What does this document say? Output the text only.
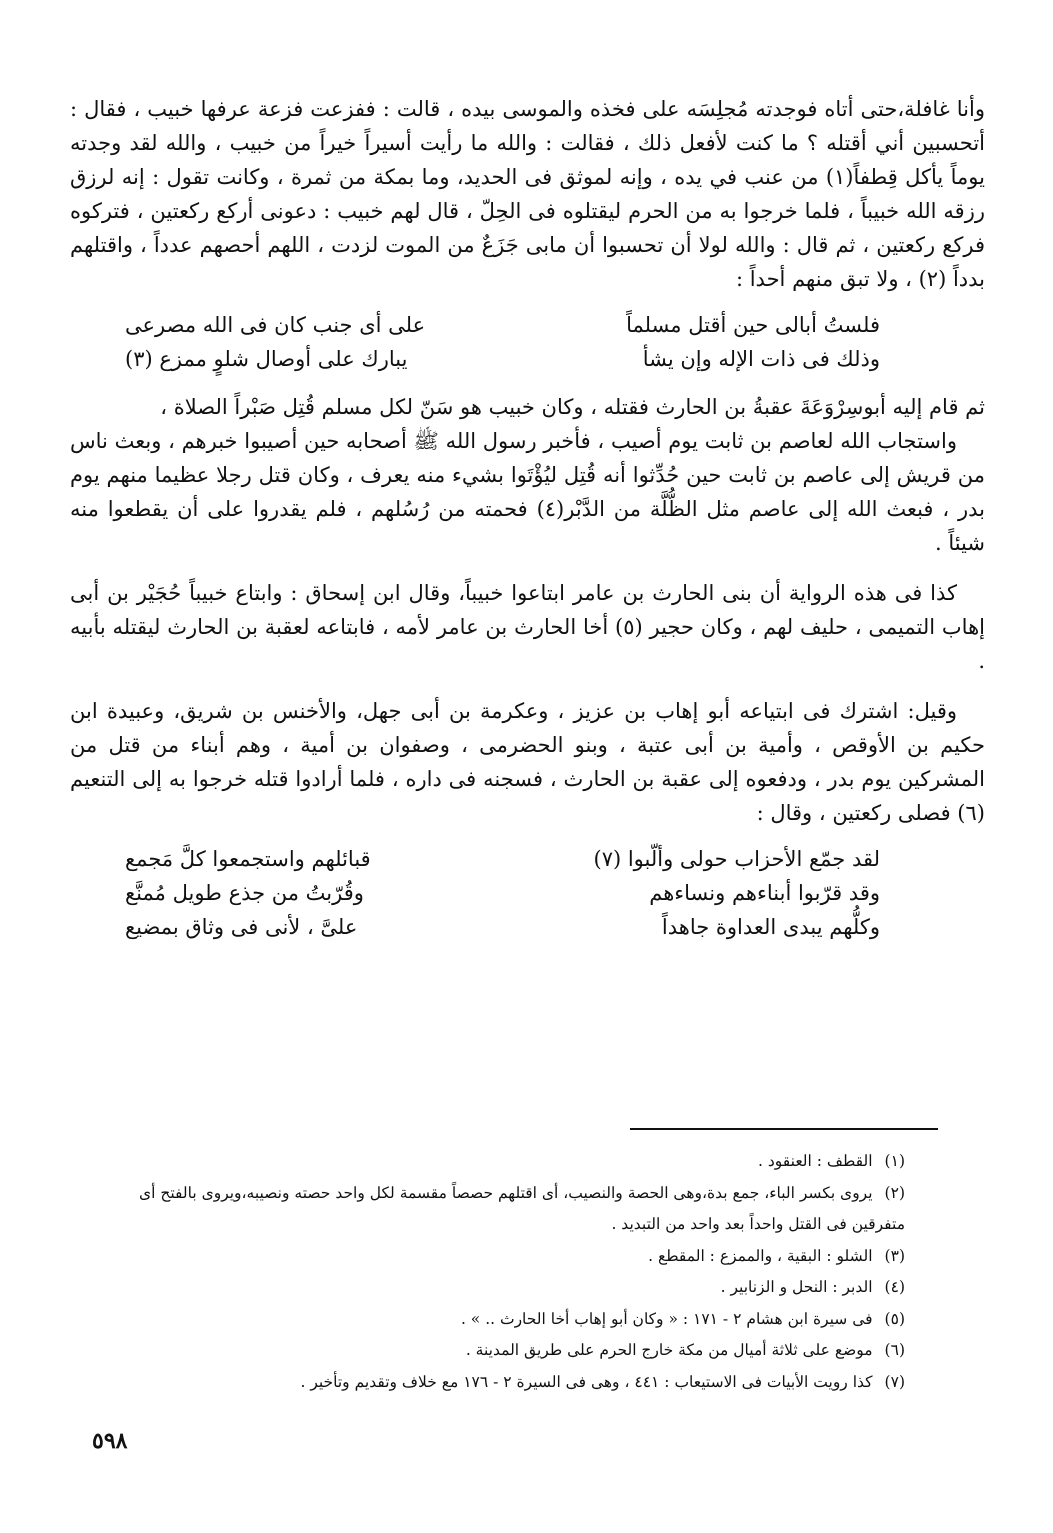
وأنا غافلة،حتى أتاه فوجدته مُجلِسَه على فخذه والموسى بيده ، قالت : ففزعت فزعة عرفها خبيب ، فقال : أتحسبين أني أقتله ؟ ما كنت لأفعل ذلك ، فقالت : والله ما رأيت أسيراً خيراً من خبيب ، والله لقد وجدته يوماً يأكل قِطفاً(١) من عنب في يده ، وإنه لموثق فى الحديد، وما بمكة من ثمرة ، وكانت تقول : إنه لرزق رزقه الله خبيباً ، فلما خرجوا به من الحرم ليقتلوه فى الحِلّ ، قال لهم خبيب : دعونى أركع ركعتين ، فتركوه فركع ركعتين ، ثم قال : والله لولا أن تحسبوا أن مابى جَزَعٌ من الموت لزدت ، اللهم أحصهم عدداً ، واقتلهم بدداً (٢) ، ولا تبق منهم أحداً :

فلستُ أبالى حين أقتل مسلماً
على أى جنب كان فى الله مصرعى
وذلك فى ذات الإله وإن يشأ
يبارك على أوصال شلوٍ ممزع (٣)

ثم قام إليه أبوسِرْوَعَةَ عقبةُ بن الحارث فقتله ، وكان خبيب هو سَنّ لكل مسلم قُتِل صَبْراً الصلاة ،

واستجاب الله لعاصم بن ثابت يوم أصيب ، فأخبر رسول الله ﷺ أصحابه حين أصيبوا خبرهم ، وبعث ناس من قريش إلى عاصم بن ثابت حين حُدِّثوا أنه قُتِل ليُؤْتَوا بشيء منه يعرف ، وكان قتل رجلا عظيما منهم يوم بدر ، فبعث الله إلى عاصم مثل الظُّلَّة من الدَّبْر(٤) فحمته من رُسُلهم ، فلم يقدروا على أن يقطعوا منه شيئاً .

كذا فى هذه الرواية أن بنى الحارث بن عامر ابتاعوا خبيباً، وقال ابن إسحاق : وابتاع خبيباً حُجَيْر بن أبى إهاب التميمى ، حليف لهم ، وكان حجير (٥) أخا الحارث بن عامر لأمه ، فابتاعه لعقبة بن الحارث ليقتله بأبيه .

وقيل: اشترك فى ابتياعه أبو إهاب بن عزيز ، وعكرمة بن أبى جهل، والأخنس بن شريق، وعبيدة ابن حكيم بن الأوقص ، وأمية بن أبى عتبة ، وبنو الحضرمى ، وصفوان بن أمية ، وهم أبناء من قتل من المشركين يوم بدر ، ودفعوه إلى عقبة بن الحارث ، فسجنه فى داره ، فلما أرادوا قتله خرجوا به إلى التنعيم (٦) فصلى ركعتين ، وقال :

لقد جمّع الأحزاب حولى وألّبوا (٧)
قبائلهم واستجمعوا كلَّ مَجمع
وقد قرّبوا أبناءهم ونساءهم
وقُرّبتُ من جذع طويل مُمنَّع
وكلُّهم يبدى العداوة جاهداً
علىَّ ، لأنى فى وثاق بمضيع

(١)القطف : العنقود .

(٢)يروى بكسر الباء، جمع بدة،وهى الحصة والنصيب، أى اقتلهم حصصاً مقسمة لكل واحد حصته ونصيبه،ويروى بالفتح أى متفرقين فى القتل واحداً بعد واحد من التبديد .

(٣)الشلو : البقية ، والممزع : المقطع .

(٤)الدبر : النحل و الزنابير .

(٥)فى سيرة ابن هشام ٢ - ١٧١ : « وكان أبو إهاب أخا الحارث .. » .

(٦)موضع على ثلاثة أميال من مكة خارج الحرم على طريق المدينة .

(٧)كذا رويت الأبيات فى الاستيعاب : ٤٤١ ، وهى فى السيرة ٢ - ١٧٦ مع خلاف وتقديم وتأخير .

٥٩٨
